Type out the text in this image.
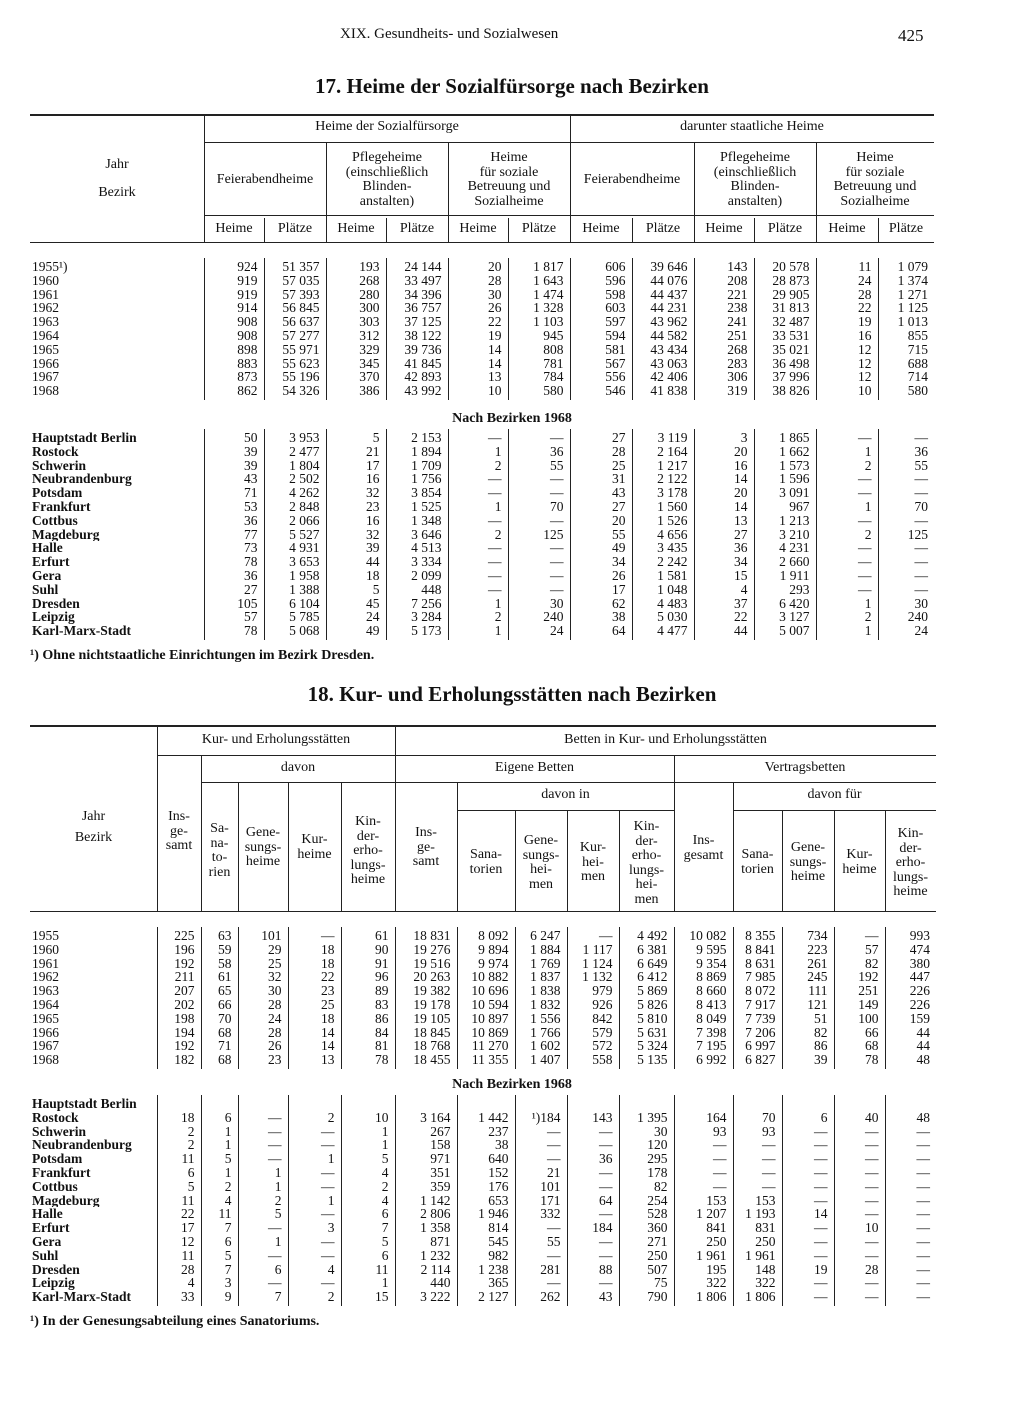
XIX. Gesundheits- und Sozialwesen	425
17. Heime der Sozialfürsorge nach Bezirken
Jahr
Bezirk
Heime der Sozialfürsorge	darunter staatliche Heime
Feierabendheime
Pflegeheime
(einschließlich
Blinden-
anstalten)
Heime
für soziale
Betreuung und
Sozialheime
Feierabendheime
Pflegeheime
(einschließlich
Blinden-
anstalten)
Heime
für soziale
Betreuung und
Sozialheime
Heime	Plätze	Heime	Plätze	Heime	Plätze	Heime	Plätze	Heime	Plätze	Heime	Plätze
1955¹)	924	51 357	193	24 144	20	1 817	606	39 646	143	20 578	11	1 079
1960	919	57 035	268	33 497	28	1 643	596	44 076	208	28 873	24	1 374
1961	919	57 393	280	34 396	30	1 474	598	44 437	221	29 905	28	1 271
1962	914	56 845	300	36 757	26	1 328	603	44 231	238	31 813	22	1 125
1963	908	56 637	303	37 125	22	1 103	597	43 962	241	32 487	19	1 013
1964	908	57 277	312	38 122	19	945	594	44 582	251	33 531	16	855
1965	898	55 971	329	39 736	14	808	581	43 434	268	35 021	12	715
1966	883	55 623	345	41 845	14	781	567	43 063	283	36 498	12	688
1967	873	55 196	370	42 893	13	784	556	42 406	306	37 996	12	714
1968	862	54 326	386	43 992	10	580	546	41 838	319	38 826	10	580
Nach Bezirken 1968
Hauptstadt Berlin	50	3 953	5	2 153	—	—	27	3 119	3	1 865	—	—
Rostock	39	2 477	21	1 894	1	36	28	2 164	20	1 662	1	36
Schwerin	39	1 804	17	1 709	2	55	25	1 217	16	1 573	2	55
Neubrandenburg	43	2 502	16	1 756	—	—	31	2 122	14	1 596	—	—
Potsdam	71	4 262	32	3 854	—	—	43	3 178	20	3 091	—	—
Frankfurt	53	2 848	23	1 525	1	70	27	1 560	14	967	1	70
Cottbus	36	2 066	16	1 348	—	—	20	1 526	13	1 213	—	—
Magdeburg	77	5 527	32	3 646	2	125	55	4 656	27	3 210	2	125
Halle	73	4 931	39	4 513	—	—	49	3 435	36	4 231	—	—
Erfurt	78	3 653	44	3 334	—	—	34	2 242	34	2 660	—	—
Gera	36	1 958	18	2 099	—	—	26	1 581	15	1 911	—	—
Suhl	27	1 388	5	448	—	—	17	1 048	4	293	—	—
Dresden	105	6 104	45	7 256	1	30	62	4 483	37	6 420	1	30
Leipzig	57	5 785	24	3 284	2	240	38	5 030	22	3 127	2	240
Karl-Marx-Stadt	78	5 068	49	5 173	1	24	64	4 477	44	5 007	1	24
¹) Ohne nichtstaatliche Einrichtungen im Bezirk Dresden.
18. Kur- und Erholungsstätten nach Bezirken
Jahr
Bezirk
Kur- und Erholungsstätten	Betten in Kur- und Erholungsstätten
davon	Eigene Betten	Vertragsbetten
davon in	davon für
Ins-
ge-
samt
Sa-
na-
to-
rien
Gene-
sungs-
heime
Kur-
heime
Kin-
der-
erho-
lungs-
heime
Ins-
ge-
samt	Sana-
torien
Gene-
sungs-
hei-
men
Kur-
hei-
men
Kin-
der-
erho-
lungs-
hei-
men
Ins-
gesamt	Sana-
torien
Gene-
sungs-
heime
Kur-
heime
Kin-
der-
erho-
lungs-
heime
1955	225	63	101	—	61	18 831	8 092	6 247	—	4 492	10 082	8 355	734	—	993
1960	196	59	29	18	90	19 276	9 894	1 884	1 117	6 381	9 595	8 841	223	57	474
1961	192	58	25	18	91	19 516	9 974	1 769	1 124	6 649	9 354	8 631	261	82	380
1962	211	61	32	22	96	20 263	10 882	1 837	1 132	6 412	8 869	7 985	245	192	447
1963	207	65	30	23	89	19 382	10 696	1 838	979	5 869	8 660	8 072	111	251	226
1964	202	66	28	25	83	19 178	10 594	1 832	926	5 826	8 413	7 917	121	149	226
1965	198	70	24	18	86	19 105	10 897	1 556	842	5 810	8 049	7 739	51	100	159
1966	194	68	28	14	84	18 845	10 869	1 766	579	5 631	7 398	7 206	82	66	44
1967	192	71	26	14	81	18 768	11 270	1 602	572	5 324	7 195	6 997	86	68	44
1968	182	68	23	13	78	18 455	11 355	1 407	558	5 135	6 992	6 827	39	78	48
Nach Bezirken 1968
Hauptstadt Berlin															
Rostock	18	6	—	2	10	3 164	1 442	¹)184	143	1 395	164	70	6	40	48
Schwerin	2	1	—	—	1	267	237	—	—	30	93	93	—	—	—
Neubrandenburg	2	1	—	—	1	158	38	—	—	120	—	—	—	—	—
Potsdam	11	5	—	1	5	971	640	—	36	295	—	—	—	—	—
Frankfurt	6	1	1	—	4	351	152	21	—	178	—	—	—	—	—
Cottbus	5	2	1	—	2	359	176	101	—	82	—	—	—	—	—
Magdeburg	11	4	2	1	4	1 142	653	171	64	254	153	153	—	—	—
Halle	22	11	5	—	6	2 806	1 946	332	—	528	1 207	1 193	14	—	—
Erfurt	17	7	—	3	7	1 358	814	—	184	360	841	831	—	10	—
Gera	12	6	1	—	5	871	545	55	—	271	250	250	—	—	—
Suhl	11	5	—	—	6	1 232	982	—	—	250	1 961	1 961	—	—	—
Dresden	28	7	6	4	11	2 114	1 238	281	88	507	195	148	19	28	—
Leipzig	4	3	—	—	1	440	365	—	—	75	322	322	—	—	—
Karl-Marx-Stadt	33	9	7	2	15	3 222	2 127	262	43	790	1 806	1 806	—	—	—
¹) In der Genesungsabteilung eines Sanatoriums.
